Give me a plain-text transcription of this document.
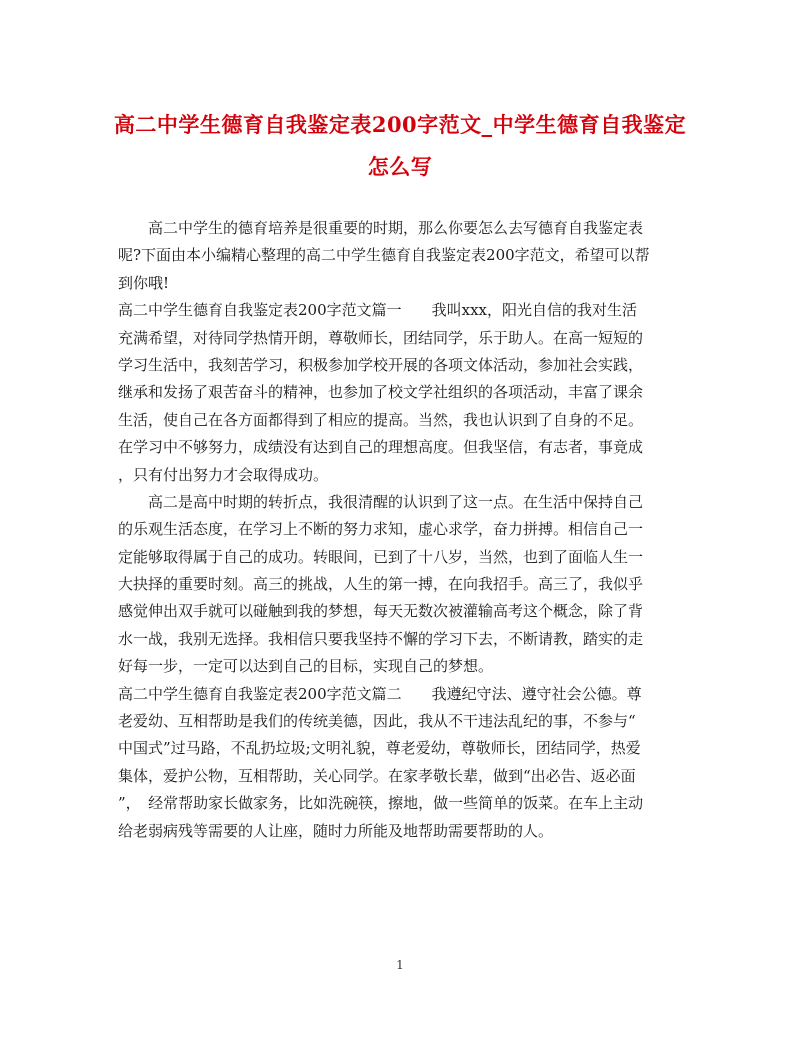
高二中学生德育自我鉴定表200字范文_中学生德育自我鉴定
怎么写
高二中学生的德育培养是很重要的时期，那么你要怎么去写德育自我鉴定表
呢?下面由本小编精心整理的高二中学生德育自我鉴定表200字范文，希望可以帮
到你哦!
高二中学生德育自我鉴定表200字范文篇一 我叫xxx，阳光自信的我对生活
充满希望，对待同学热情开朗，尊敬师长，团结同学，乐于助人。在高一短短的
学习生活中，我刻苦学习，积极参加学校开展的各项文体活动，参加社会实践，
继承和发扬了艰苦奋斗的精神，也参加了校文学社组织的各项活动，丰富了课余
生活，使自己在各方面都得到了相应的提高。当然，我也认识到了自身的不足。
在学习中不够努力，成绩没有达到自己的理想高度。但我坚信，有志者，事竟成
，只有付出努力才会取得成功。
高二是高中时期的转折点，我很清醒的认识到了这一点。在生活中保持自己
的乐观生活态度，在学习上不断的努力求知，虚心求学，奋力拼搏。相信自己一
定能够取得属于自己的成功。转眼间，已到了十八岁，当然，也到了面临人生一
大抉择的重要时刻。高三的挑战，人生的第一搏，在向我招手。高三了，我似乎
感觉伸出双手就可以碰触到我的梦想，每天无数次被灌输高考这个概念，除了背
水一战，我别无选择。我相信只要我坚持不懈的学习下去，不断请教，踏实的走
好每一步，一定可以达到自己的目标，实现自己的梦想。
高二中学生德育自我鉴定表200字范文篇二 我遵纪守法、遵守社会公德。尊
老爱幼、互相帮助是我们的传统美德，因此，我从不干违法乱纪的事，不参与“
中国式”过马路，不乱扔垃圾;文明礼貌，尊老爱幼，尊敬师长，团结同学，热爱
集体，爱护公物，互相帮助，关心同学。在家孝敬长辈，做到“出必告、返必面
”，　经常帮助家长做家务，比如洗碗筷，擦地，做一些简单的饭菜。在车上主动
给老弱病残等需要的人让座，随时力所能及地帮助需要帮助的人。
1
